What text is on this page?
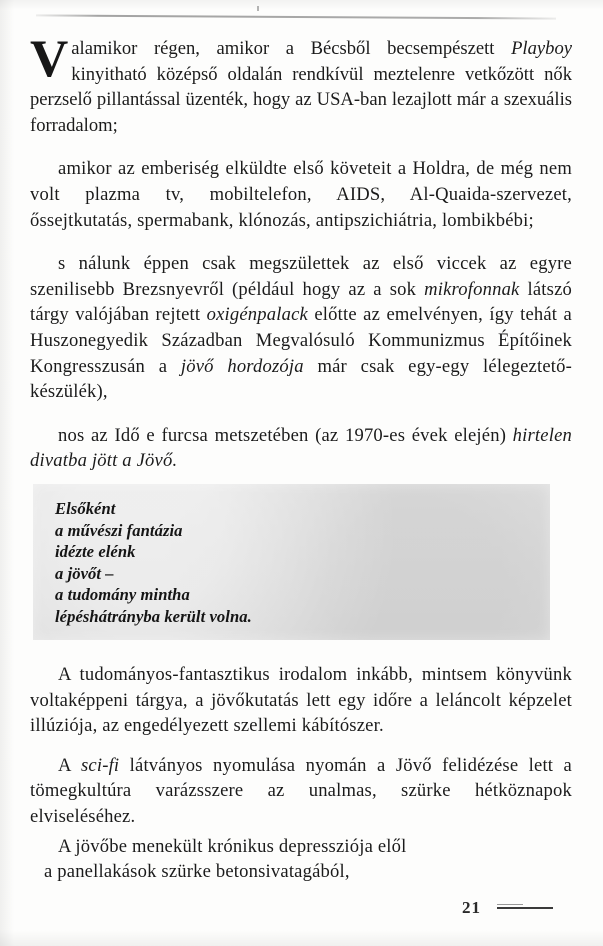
Valamikor régen, amikor a Bécsből becsempészett Playboy kinyitható középső oldalán rendkívül meztelenre vetkőzött nők perzselő pillantással üzenték, hogy az USA-ban lezajlott már a szexuális forradalom;

amikor az emberiség elküldte első követeit a Holdra, de még nem volt plazma tv, mobiltelefon, AIDS, Al-Quaida-szervezet, őssejtkutatás, spermabank, klónozás, antipszichiátria, lombikbébi;

s nálunk éppen csak megszülettek az első viccek az egyre szenilisebb Brezsnyevről (például hogy az a sok mikrofonnak látszó tárgy valójában rejtett oxigénpalack előtte az emelvényen, így tehát a Huszonegyedik Században Megvalósuló Kommunizmus Építőinek Kongresszusán a jövő hordozója már csak egy-egy lélegeztető-készülék),

nos az Idő e furcsa metszetében (az 1970-es évek elején) hirtelen divatba jött a Jövő.

Elsőként
a művészi fantázia
idézte elénk
a jövőt –
a tudomány mintha
lépéshátrányba került volna.

A tudományos-fantasztikus irodalom inkább, mintsem könyvünk voltaképpeni tárgya, a jövőkutatás lett egy időre a leláncolt képzelet illúziója, az engedélyezett szellemi kábítószer.

A sci-fi látványos nyomulása nyomán a Jövő felidézése lett a tömegkultúra varázsszere az unalmas, szürke hétköznapok elviseléséhez.

A jövőbe menekült krónikus depressziója elől

a panellakások szürke betonsivatagából,

21
